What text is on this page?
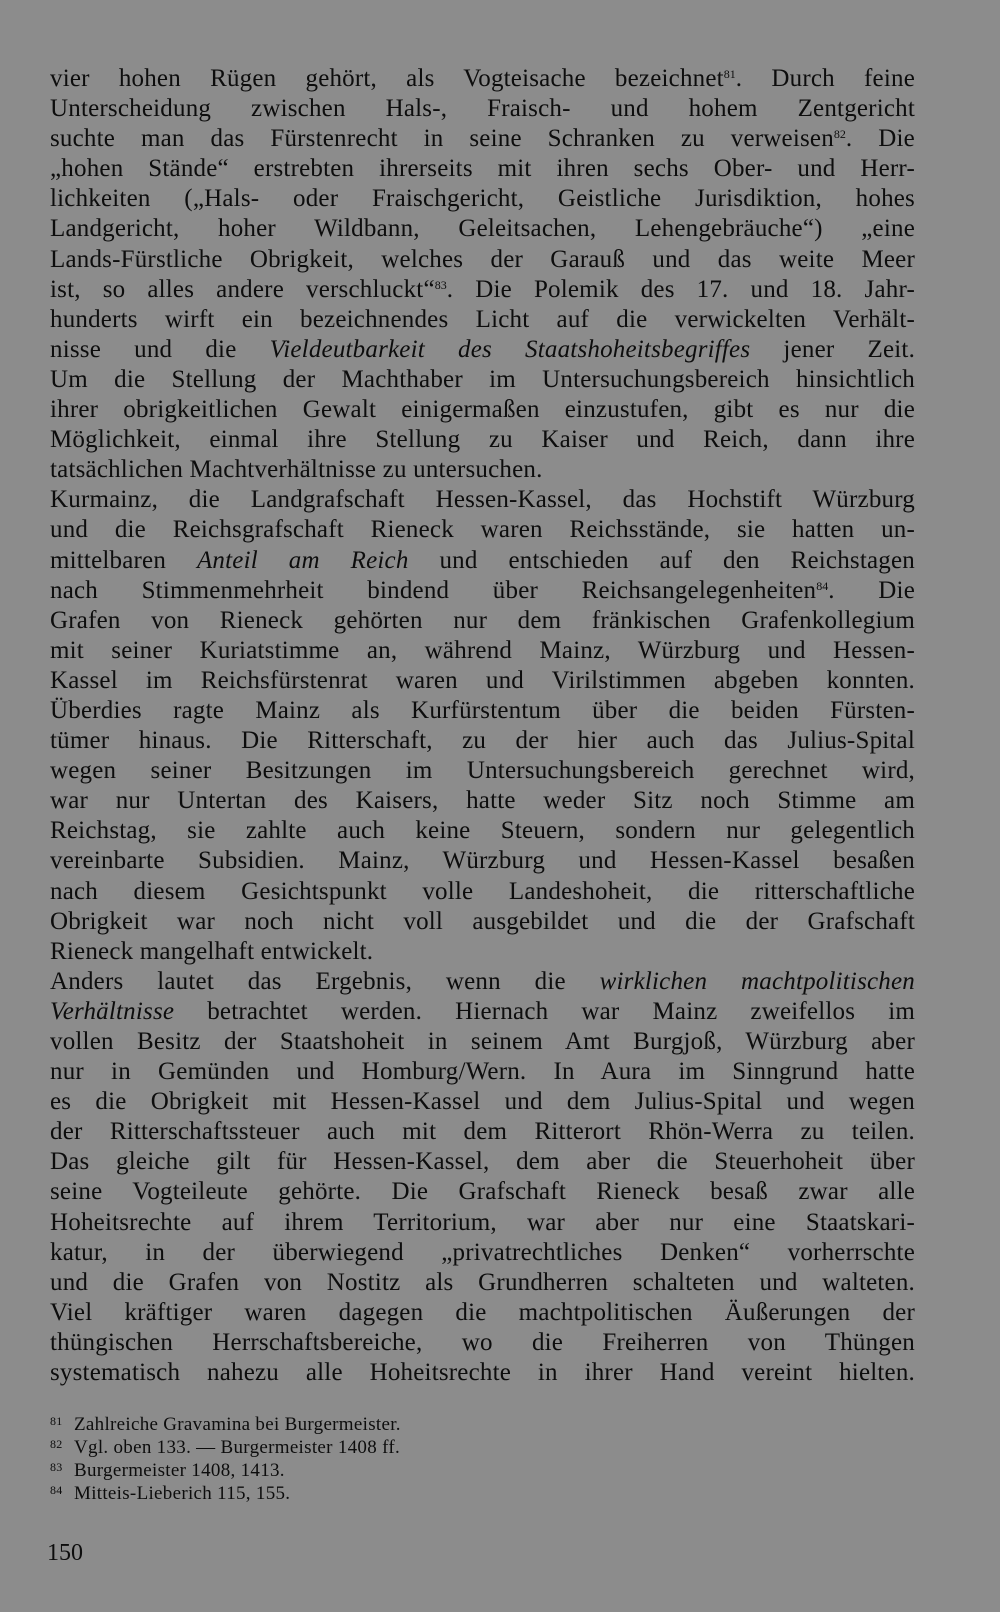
vier hohen Rügen gehört, als Vogteisache bezeichnet$^{81}$. Durch feine
Unterscheidung zwischen Hals-, Fraisch- und hohem Zentgericht
suchte man das Fürstenrecht in seine Schranken zu verweisen$^{82}$. Die
„hohen Stände“ erstrebten ihrerseits mit ihren sechs Ober- und Herr-
lichkeiten („Hals- oder Fraischgericht, Geistliche Jurisdiktion, hohes
Landgericht, hoher Wildbann, Geleitsachen, Lehengebräuche“) „eine
Lands-Fürstliche Obrigkeit, welches der Garauß und das weite Meer
ist, so alles andere verschluckt“$^{83}$. Die Polemik des 17. und 18. Jahr-
hunderts wirft ein bezeichnendes Licht auf die verwickelten Verhält-
nisse und die Vieldeutbarkeit des Staatshoheitsbegriffes jener Zeit.
Um die Stellung der Machthaber im Untersuchungsbereich hinsichtlich
ihrer obrigkeitlichen Gewalt einigermaßen einzustufen, gibt es nur die
Möglichkeit, einmal ihre Stellung zu Kaiser und Reich, dann ihre
tatsächlichen Machtverhältnisse zu untersuchen.
Kurmainz, die Landgrafschaft Hessen-Kassel, das Hochstift Würzburg
und die Reichsgrafschaft Rieneck waren Reichsstände, sie hatten un-
mittelbaren Anteil am Reich und entschieden auf den Reichstagen
nach Stimmenmehrheit bindend über Reichsangelegenheiten$^{84}$. Die
Grafen von Rieneck gehörten nur dem fränkischen Grafenkollegium
mit seiner Kuriatstimme an, während Mainz, Würzburg und Hessen-
Kassel im Reichsfürstenrat waren und Virilstimmen abgeben konnten.
Überdies ragte Mainz als Kurfürstentum über die beiden Fürsten-
tümer hinaus. Die Ritterschaft, zu der hier auch das Julius-Spital
wegen seiner Besitzungen im Untersuchungsbereich gerechnet wird,
war nur Untertan des Kaisers, hatte weder Sitz noch Stimme am
Reichstag, sie zahlte auch keine Steuern, sondern nur gelegentlich
vereinbarte Subsidien. Mainz, Würzburg und Hessen-Kassel besaßen
nach diesem Gesichtspunkt volle Landeshoheit, die ritterschaftliche
Obrigkeit war noch nicht voll ausgebildet und die der Grafschaft
Rieneck mangelhaft entwickelt.
Anders lautet das Ergebnis, wenn die wirklichen machtpolitischen
Verhältnisse betrachtet werden. Hiernach war Mainz zweifellos im
vollen Besitz der Staatshoheit in seinem Amt Burgjoß, Würzburg aber
nur in Gemünden und Homburg/Wern. In Aura im Sinngrund hatte
es die Obrigkeit mit Hessen-Kassel und dem Julius-Spital und wegen
der Ritterschaftssteuer auch mit dem Ritterort Rhön-Werra zu teilen.
Das gleiche gilt für Hessen-Kassel, dem aber die Steuerhoheit über
seine Vogteileute gehörte. Die Grafschaft Rieneck besaß zwar alle
Hoheitsrechte auf ihrem Territorium, war aber nur eine Staatskari-
katur, in der überwiegend „privatrechtliches Denken“ vorherrschte
und die Grafen von Nostitz als Grundherren schalteten und walteten.
Viel kräftiger waren dagegen die machtpolitischen Äußerungen der
thüngischen Herrschaftsbereiche, wo die Freiherren von Thüngen
systematisch nahezu alle Hoheitsrechte in ihrer Hand vereint hielten.
81 Zahlreiche Gravamina bei Burgermeister.
82 Vgl. oben 133. — Burgermeister 1408 ff.
83 Burgermeister 1408, 1413.
84 Mitteis-Lieberich 115, 155.
150
